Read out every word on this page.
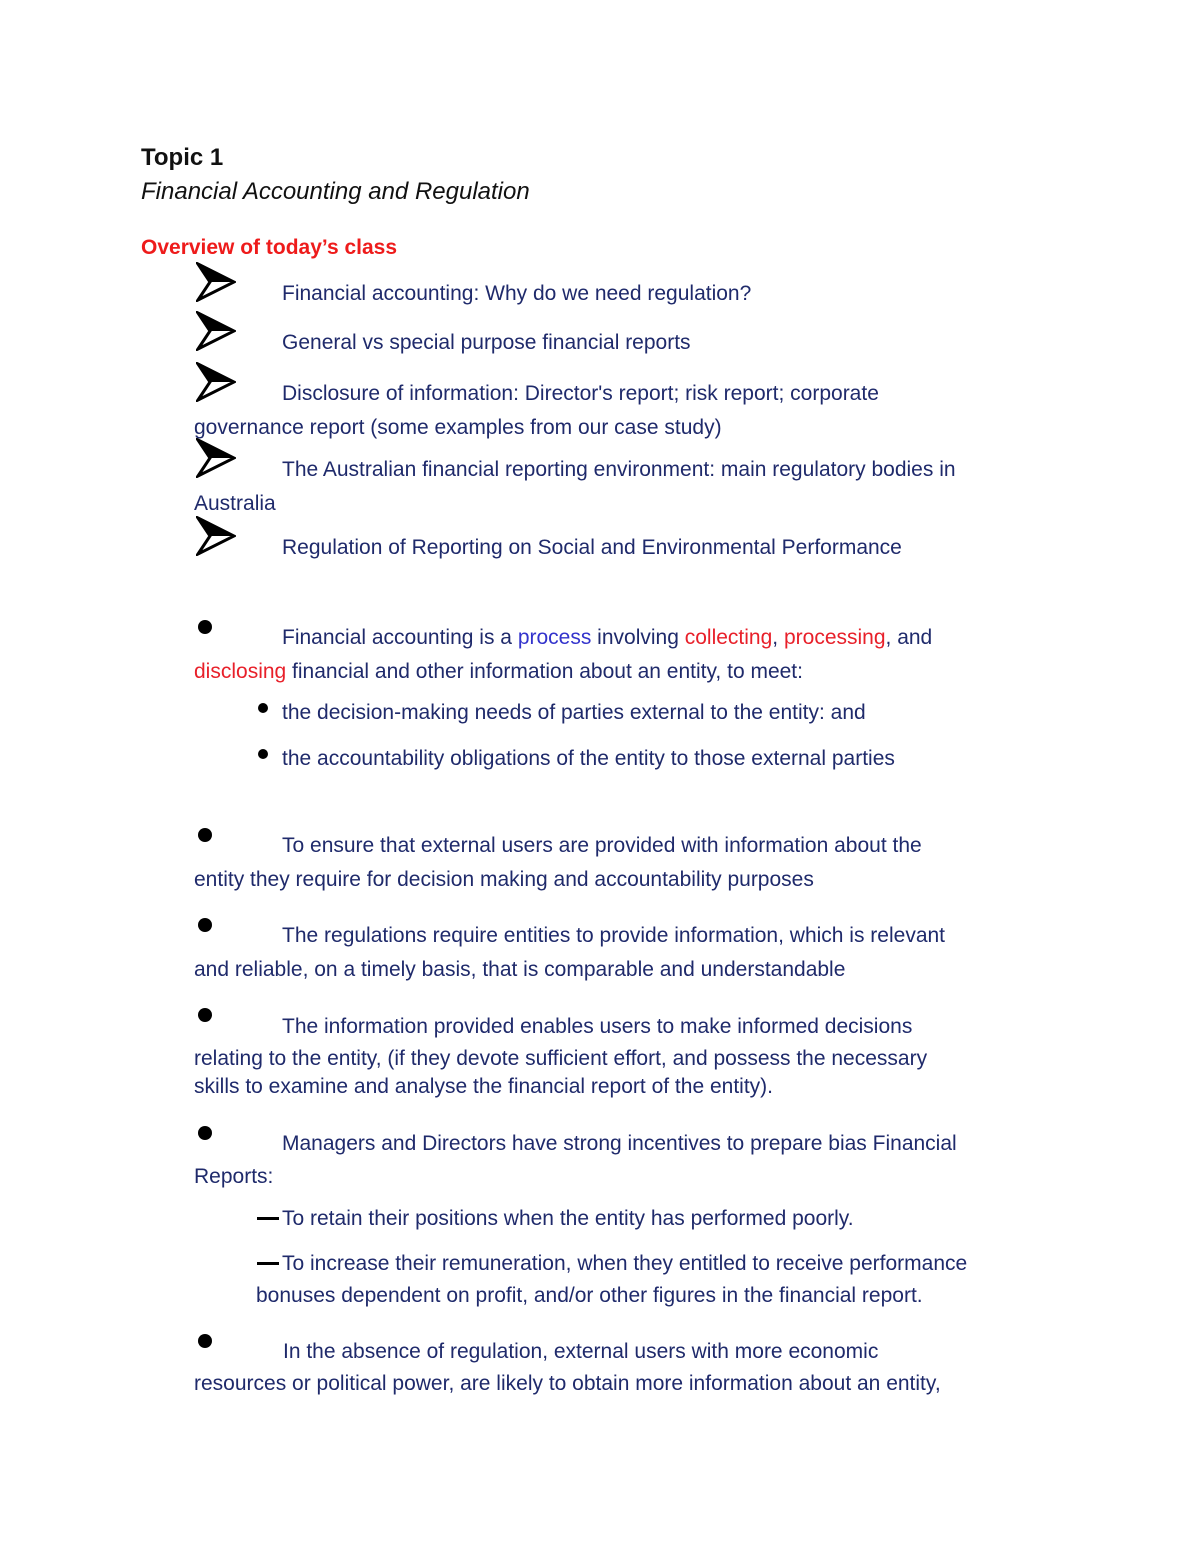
Topic 1
Financial Accounting and Regulation
Overview of today’s class
Financial accounting: Why do we need regulation?
General vs special purpose financial reports
Disclosure of information: Director's report; risk report; corporate
governance report (some examples from our case study)
The Australian financial reporting environment: main regulatory bodies in
Australia
Regulation of Reporting on Social and Environmental Performance
Financial accounting is a process involving collecting, processing, and
disclosing financial and other information about an entity, to meet:
the decision-making needs of parties external to the entity: and
the accountability obligations of the entity to those external parties
To ensure that external users are provided with information about the
entity they require for decision making and accountability purposes
The regulations require entities to provide information, which is relevant
and reliable, on a timely basis, that is comparable and understandable
The information provided enables users to make informed decisions
relating to the entity, (if they devote sufficient effort, and possess the necessary
skills to examine and analyse the financial report of the entity).
Managers and Directors have strong incentives to prepare bias Financial
Reports:
To retain their positions when the entity has performed poorly.
To increase their remuneration, when they entitled to receive performance
bonuses dependent on profit, and/or other figures in the financial report.
In the absence of regulation, external users with more economic
resources or political power, are likely to obtain more information about an entity,
